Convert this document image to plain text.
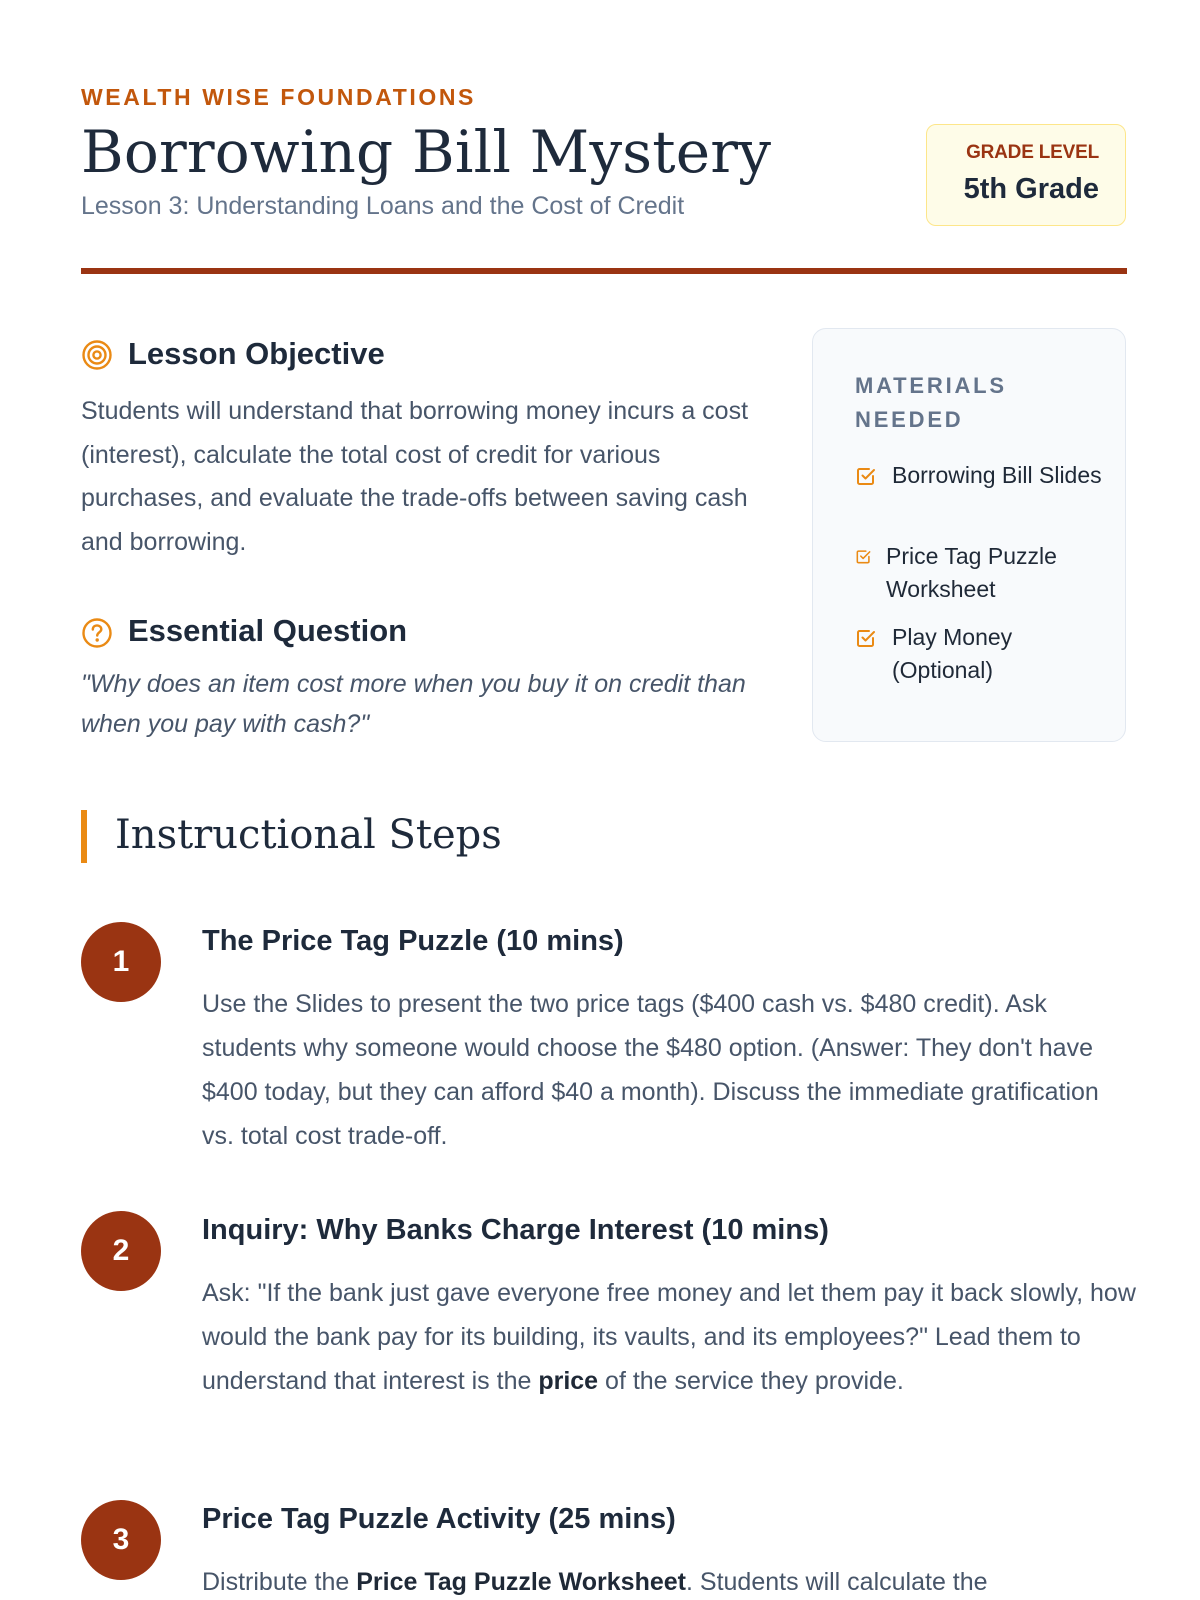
WEALTH WISE FOUNDATIONS
Borrowing Bill Mystery
Lesson 3: Understanding Loans and the Cost of Credit
GRADE LEVEL
5th Grade
Lesson Objective
Students will understand that borrowing money incurs a cost (interest), calculate the total cost of credit for various purchases, and evaluate the trade-offs between saving cash and borrowing.
Essential Question
"Why does an item cost more when you buy it on credit than when you pay with cash?"
MATERIALS NEEDED
Borrowing Bill Slides
Price Tag Puzzle Worksheet
Play Money (Optional)
Instructional Steps
1
The Price Tag Puzzle (10 mins)
Use the Slides to present the two price tags ($400 cash vs. $480 credit). Ask students why someone would choose the $480 option. (Answer: They don't have $400 today, but they can afford $40 a month). Discuss the immediate gratification vs. total cost trade-off.
2
Inquiry: Why Banks Charge Interest (10 mins)
Ask: "If the bank just gave everyone free money and let them pay it back slowly, how would the bank pay for its building, its vaults, and its employees?" Lead them to understand that interest is the price of the service they provide.
3
Price Tag Puzzle Activity (25 mins)
Distribute the Price Tag Puzzle Worksheet. Students will calculate the
